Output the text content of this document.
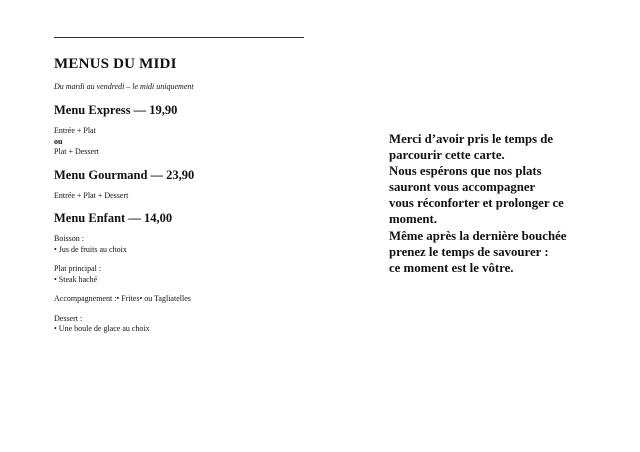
MENUS DU MIDI
Du mardi au vendredi – le midi uniquement
Menu Express — 19,90
Entrée + Plat
ou
Plat + Dessert
Menu Gourmand — 23,90
Entrée + Plat + Dessert
Menu Enfant — 14,00
Boisson :
• Jus de fruits au choix
Plat principal :
• Steak haché
Accompagnement :• Frites• ou Tagliatelles
Dessert :
• Une boule de glace au choix
Merci d’avoir pris le temps de
parcourir cette carte.
Nous espérons que nos plats
sauront vous accompagner
vous réconforter et prolonger ce
moment.
Même après la dernière bouchée
prenez le temps de savourer :
ce moment est le vôtre.
